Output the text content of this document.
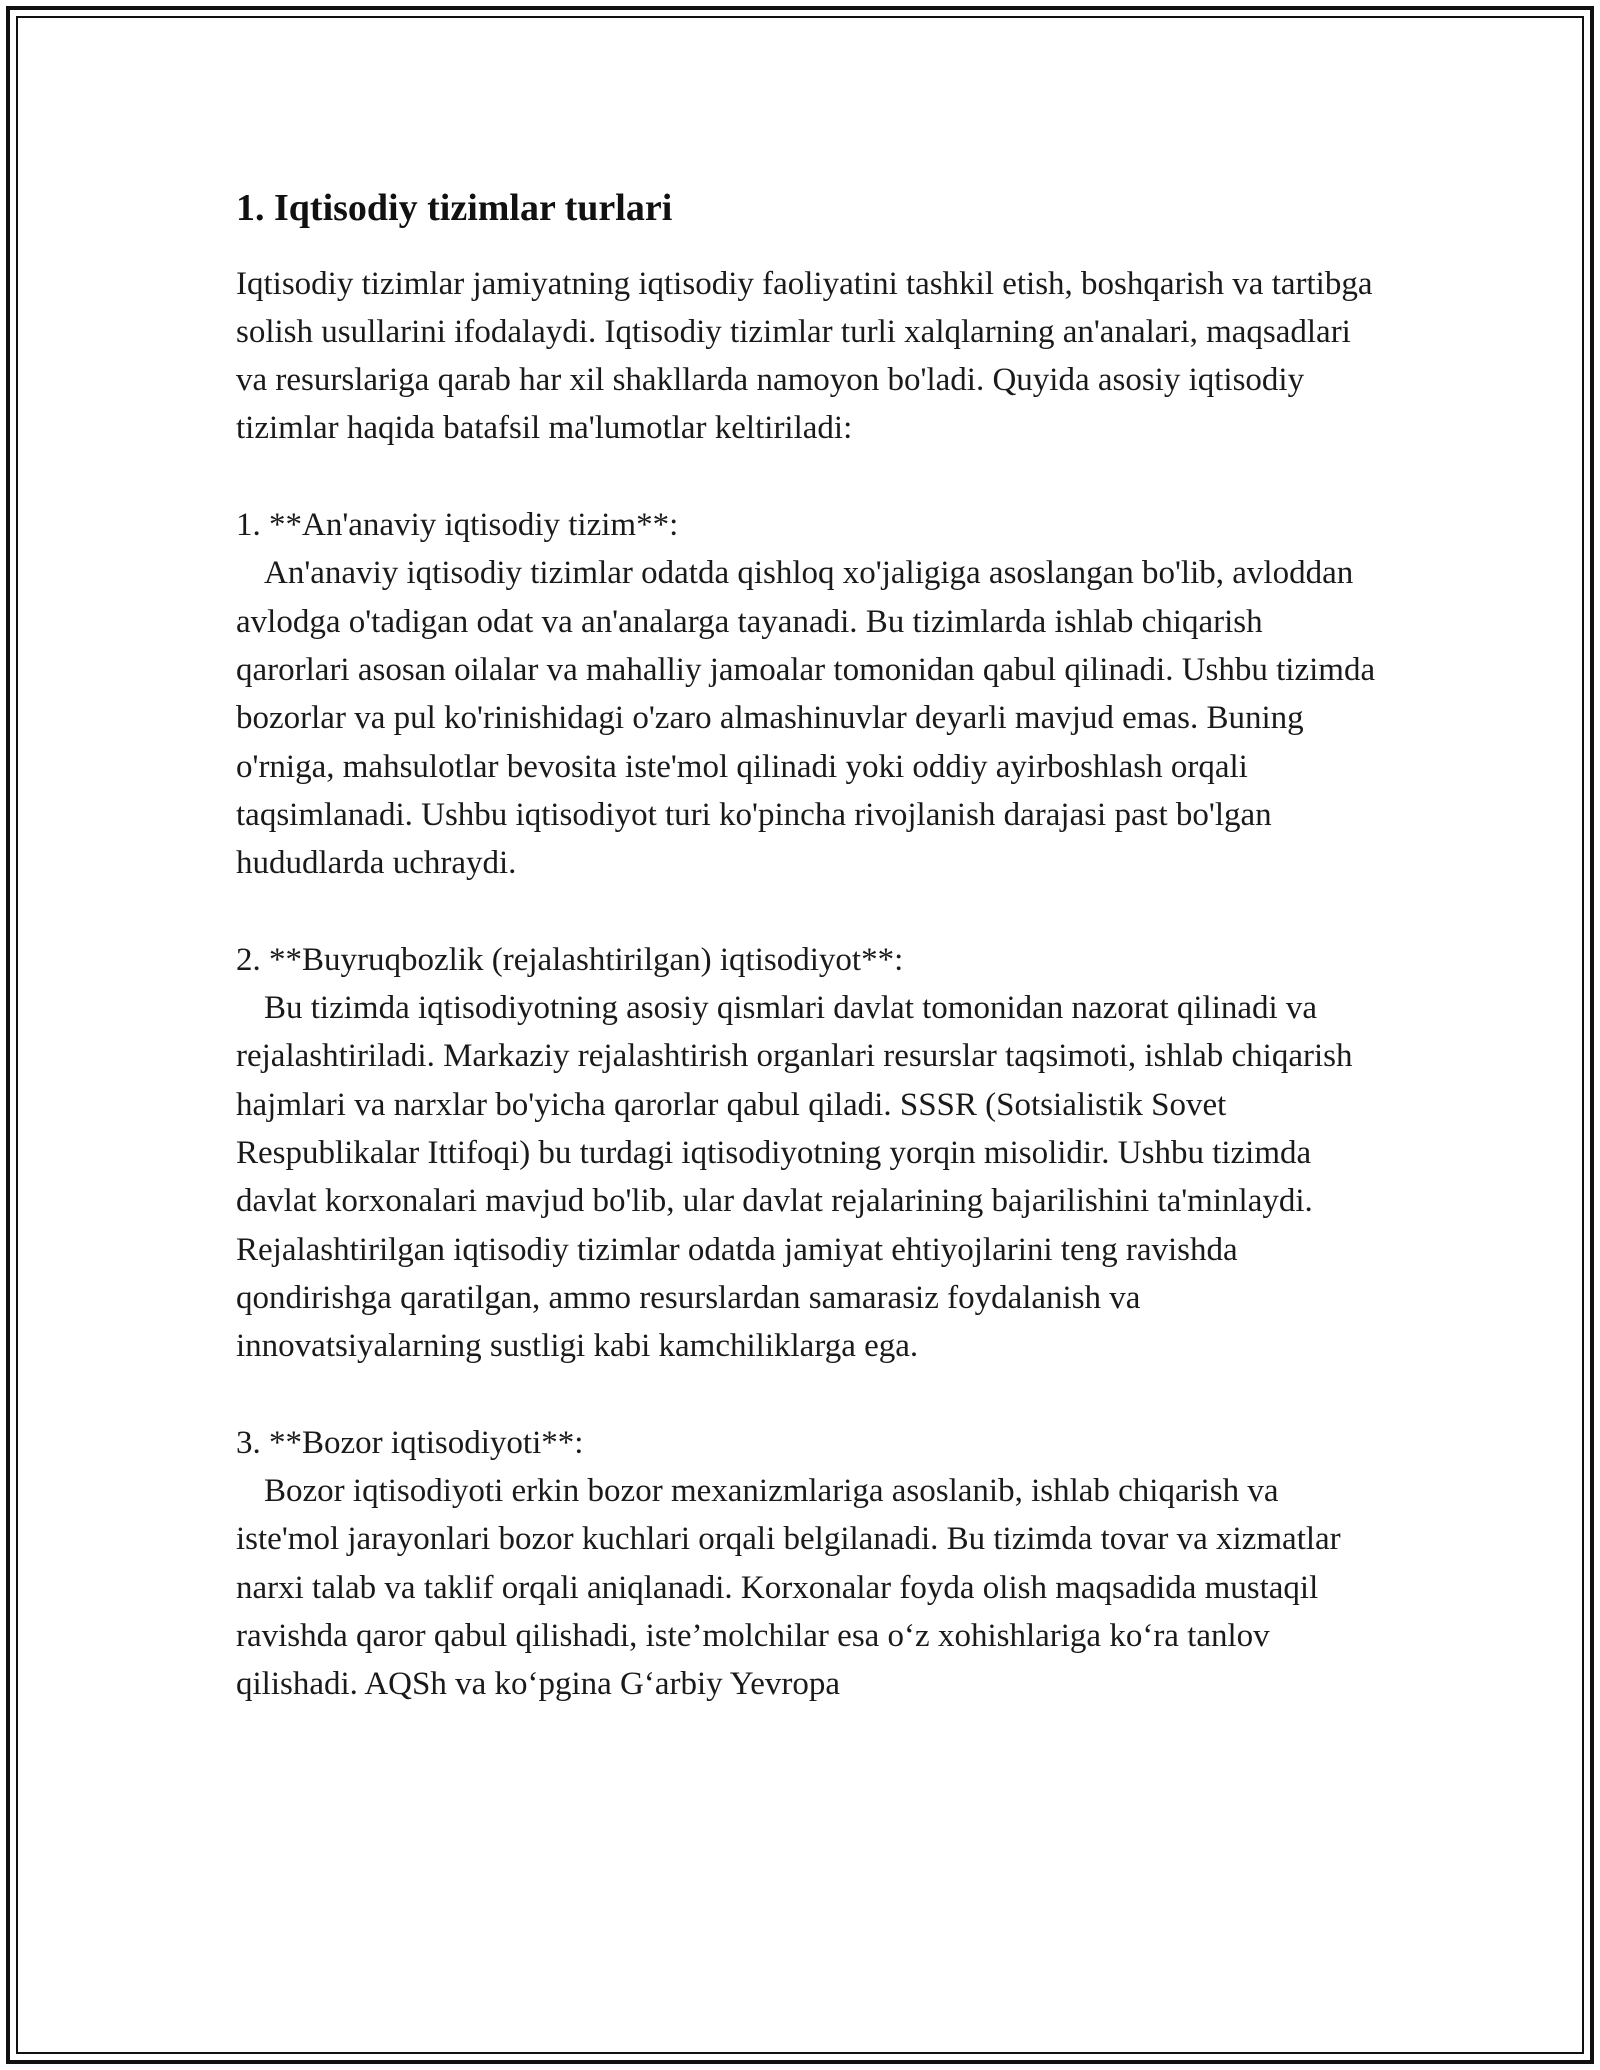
1. Iqtisodiy tizimlar turlari

Iqtisodiy tizimlar jamiyatning iqtisodiy faoliyatini tashkil etish, boshqarish va tartibga solish usullarini ifodalaydi. Iqtisodiy tizimlar turli xalqlarning an'analari, maqsadlari va resurslariga qarab har xil shakllarda namoyon bo'ladi. Quyida asosiy iqtisodiy tizimlar haqida batafsil ma'lumotlar keltiriladi:

1. **An'anaviy iqtisodiy tizim**:

An'anaviy iqtisodiy tizimlar odatda qishloq xo'jaligiga asoslangan bo'lib, avloddan avlodga o'tadigan odat va an'analarga tayanadi. Bu tizimlarda ishlab chiqarish qarorlari asosan oilalar va mahalliy jamoalar tomonidan qabul qilinadi. Ushbu tizimda bozorlar va pul ko'rinishidagi o'zaro almashinuvlar deyarli mavjud emas. Buning o'rniga, mahsulotlar bevosita iste'mol qilinadi yoki oddiy ayirboshlash orqali taqsimlanadi. Ushbu iqtisodiyot turi ko'pincha rivojlanish darajasi past bo'lgan hududlarda uchraydi.

2. **Buyruqbozlik (rejalashtirilgan) iqtisodiyot**:

Bu tizimda iqtisodiyotning asosiy qismlari davlat tomonidan nazorat qilinadi va rejalashtiriladi. Markaziy rejalashtirish organlari resurslar taqsimoti, ishlab chiqarish hajmlari va narxlar bo'yicha qarorlar qabul qiladi. SSSR (Sotsialistik Sovet Respublikalar Ittifoqi) bu turdagi iqtisodiyotning yorqin misolidir. Ushbu tizimda davlat korxonalari mavjud bo'lib, ular davlat rejalarining bajarilishini ta'minlaydi. Rejalashtirilgan iqtisodiy tizimlar odatda jamiyat ehtiyojlarini teng ravishda qondirishga qaratilgan, ammo resurslardan samarasiz foydalanish va innovatsiyalarning sustligi kabi kamchiliklarga ega.

3. **Bozor iqtisodiyoti**:

Bozor iqtisodiyoti erkin bozor mexanizmlariga asoslanib, ishlab chiqarish va iste'mol jarayonlari bozor kuchlari orqali belgilanadi. Bu tizimda tovar va xizmatlar narxi talab va taklif orqali aniqlanadi. Korxonalar foyda olish maqsadida mustaqil ravishda qaror qabul qilishadi, iste’molchilar esa o‘z xohishlariga ko‘ra tanlov qilishadi. AQSh va ko‘pgina G‘arbiy Yevropa
